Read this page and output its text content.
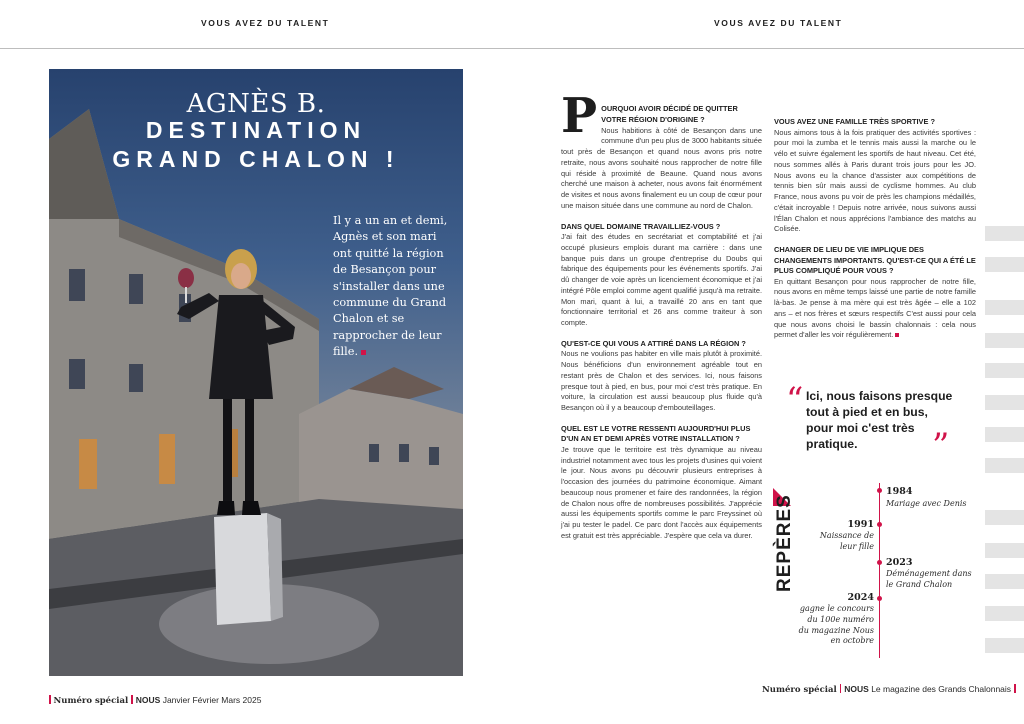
VOUS AVEZ DU TALENT	VOUS AVEZ DU TALENT
AGNÈS B.
DESTINATION
GRAND CHALON !
Il y a un an et demi, Agnès et son mari ont quitté la région de Besançon pour s'installer dans une commune du Grand Chalon et se rapprocher de leur fille.

P OURQUOI AVOIR DÉCIDÉ DE QUITTER VOTRE RÉGION D'ORIGINE ?
Nous habitions à côté de Besançon dans une commune d'un peu plus de 3000 habitants située tout près de Besançon et quand nous avons pris notre retraite, nous avons souhaité nous rapprocher de notre fille qui réside à proximité de Beaune. Quand nous avons cherché une maison à acheter, nous avons fait énormément de visites et nous avons finalement eu un coup de cœur pour une maison située dans une commune au nord de Chalon.

DANS QUEL DOMAINE TRAVAILLIEZ-VOUS ?
J'ai fait des études en secrétariat et comptabilité et j'ai occupé plusieurs emplois durant ma carrière : dans une banque puis dans un groupe d'entreprise du Doubs qui fabrique des équipements pour les événements sportifs. J'ai dû changer de voie après un licenciement économique et j'ai intégré Pôle emploi comme agent qualifié jusqu'à ma retraite. Mon mari, quant à lui, a travaillé 20 ans en tant que fonctionnaire territorial et 26 ans comme traiteur à son compte.

QU'EST-CE QUI VOUS A ATTIRÉ DANS LA RÉGION ?
Nous ne voulions pas habiter en ville mais plutôt à proximité. Nous bénéficions d'un environnement agréable tout en restant près de Chalon et des services. Ici, nous faisons presque tout à pied, en bus, pour moi c'est très pratique. En voiture, la circulation est aussi beaucoup plus fluide qu'à Besançon où il y a beaucoup d'embouteillages.

QUEL EST LE VOTRE RESSENTI AUJOURD'HUI PLUS D'UN AN ET DEMI APRÈS VOTRE INSTALLATION ?
Je trouve que le territoire est très dynamique au niveau industriel notamment avec tous les projets d'usines qui voient le jour. Nous avons pu découvrir plusieurs entreprises à l'occasion des journées du patrimoine économique. Aimant beaucoup nous promener et faire des randonnées, la région de Chalon nous offre de nombreuses possibilités. J'apprécie aussi les équipements sportifs comme le parc Freyssinet où j'ai pu tester le padel. Ce parc dont l'accès aux équipements est gratuit est très appréciable. J'espère que cela va durer.

VOUS AVEZ UNE FAMILLE TRÈS SPORTIVE ?
Nous aimons tous à la fois pratiquer des activités sportives : pour moi la zumba et le tennis mais aussi la marche ou le vélo et suivre également les sportifs de haut niveau. Cet été, nous sommes allés à Paris durant trois jours pour les JO. Nous avons eu la chance d'assister aux compétitions de tennis bien sûr mais aussi de cyclisme hommes. Au club France, nous avons pu voir de près les champions médaillés, c'était incroyable ! Depuis notre arrivée, nous suivons aussi l'Élan Chalon et nous apprécions l'ambiance des matchs au Colisée.

CHANGER DE LIEU DE VIE IMPLIQUE DES CHANGEMENTS IMPORTANTS. QU'EST-CE QUI A ÉTÉ LE PLUS COMPLIQUÉ POUR VOUS ?
En quittant Besançon pour nous rapprocher de notre fille, nous avons en même temps laissé une partie de notre famille là-bas. Je pense à ma mère qui est très âgée – elle a 102 ans – et nos frères et sœurs respectifs C'est aussi pour cela que nous avons choisi le bassin chalonnais : cela nous permet d'aller les voir régulièrement.

“ Ici, nous faisons presque tout à pied et en bus, pour moi c'est très pratique.	”
REPÈRES
1984
Mariage avec Denis
1991
Naissance de leur fille
2023
Déménagement dans le Grand Chalon
2024
gagne le concours du 100e numéro du magazine Nous en octobre
Numéro spécial NOUS Janvier Février Mars 2025
Numéro spécial NOUS Le magazine des Grands Chalonnais
